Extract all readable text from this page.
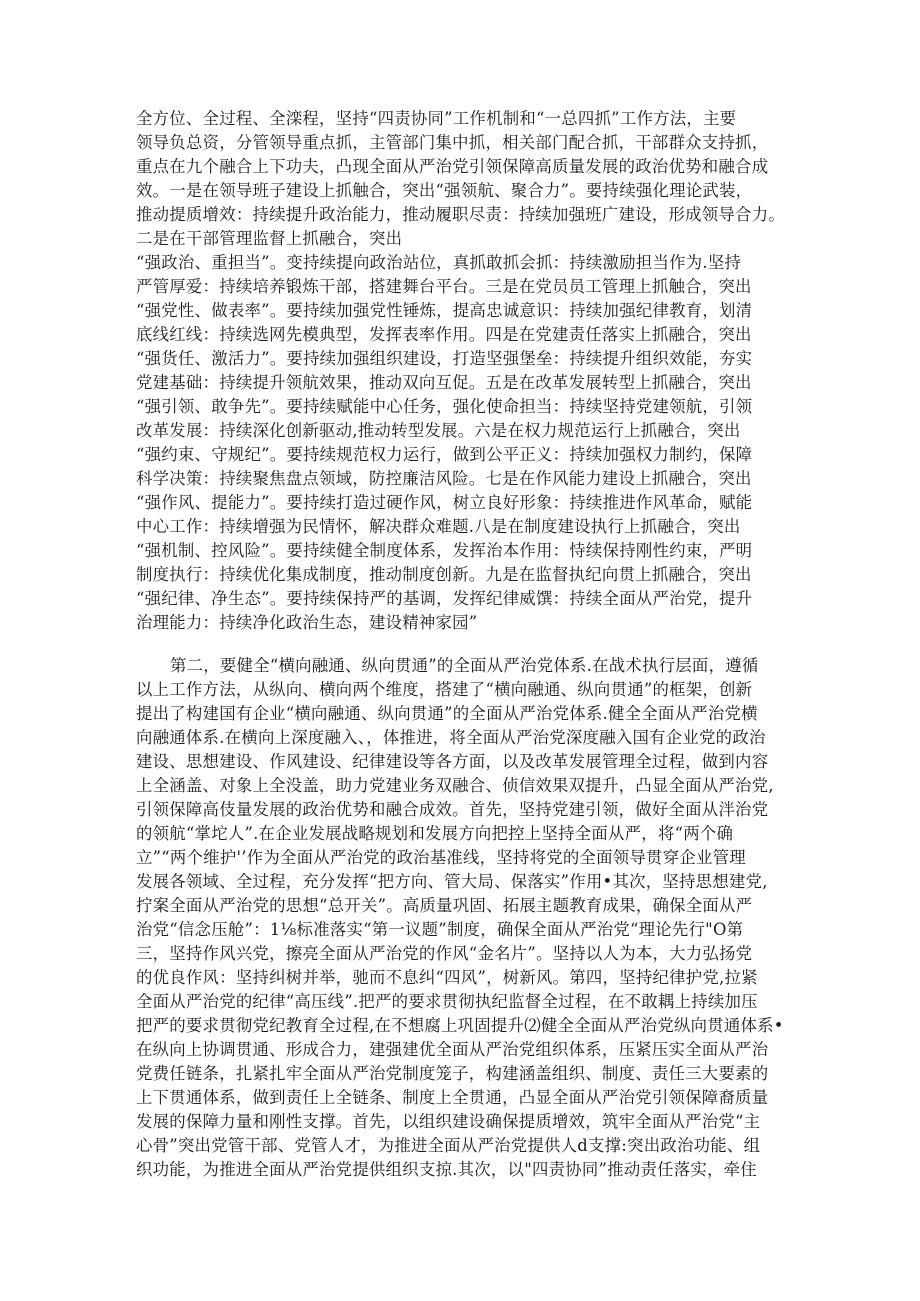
全方位、全过程、全滦程，坚持“四责协同”工作机制和“一总四抓”工作方法，主要
领导负总资，分管领导重点抓，主管部门集中抓，相关部门配合抓，干部群众支持抓，
重点在九个融合上下功夫，凸现全面从严治党引领保障高质量发展的政治优势和融合成
效。一是在领导班子建设上抓触合，突出“强领航、聚合力”。要持续强化理论武装，
推动提质增效：持续提升政治能力，推动履职尽责：持续加强班广建设，形成领导合力。
二是在干部管理监督上抓融合，突出
“强政治、重担当”。变持续提向政治站位，真抓敢抓会抓：持续激励担当作为.坚持
严管厚爱：持续培养锻炼干部，搭建舞台平台。三是在党员员工管理上抓触合，突出
“强党性、做表率”。要持续加强党性锤炼，提高忠诚意识：持续加强纪律教育，划清
底线红线：持续选网先模典型，发挥表率作用。四是在党建责任落实上抓融合，突出
“强货任、激活力”。要持续加强组织建设，打造坚强堡垒：持续提升组织效能，夯实
党建基础：持续提升领航效果，推动双向互促。五是在改革发展转型上抓融合，突出
“强引领、敢争先”。要持续赋能中心任务，强化使命担当：持续坚持党建领航，引领
改革发展：持续深化创新驱动,推动转型发展。六是在权力规范运行上抓融合，突出
“强约束、守规纪”。要持续规范权力运行，做到公平正义：持续加强权力制约，保障
科学决策：持续聚焦盘点领域，防控廉洁风险。七是在作风能力建设上抓融合，突出
“强作风、提能力”。要持续打造过硬作风，树立良好形象：持续推进作风革命，赋能
中心工作：持续增强为民情怀，解决群众难题.八是在制度建设执行上抓融合，突出
“强机制、控风险”。要持续健全制度体系，发挥治本作用：恃续保持刚性约束，严明
制度执行：持续优化集成制度，推动制度创新。九是在监督执纪向贯上抓融合，突出
“强纪律、净生态”。要持续保持严的基调，发挥纪律威馔：持续全面从严治党，提升
治理能力：持续净化政治生态，建设精神家园”
第二，要健全“横向融通、纵向贯通”的全面从严治党体系.在战术执行层面，遵循
以上工作方法，从纵向、横向两个维度，搭建了“横向融通、纵向贯通”的框架，创新
提出了构建国有企业“横向融通、纵向贯通”的全面从严治党体系.健全全面从严治党横
向融通体系.在横向上深度融入、，体推进，将全面从严治党深度融入国有企业党的政治
建设、思想建设、作风建设、纪律建设等各方面，以及改革发展管理全过程，做到内容
上全涵盖、对象上全没盖，助力党建业务双融合、侦信效果双提升，凸显全面从严治党,
引领保障高伎量发展的政治优势和融合成效。首先，坚持党建引领，做好全面从泮治党
的领航“掌坨人”.在企业发展战略规划和发展方向把控上坚持全面从严，将“两个确
立”“两个维护'’作为全面从严治党的政治基准线，坚持将党的全面领导贯穿企业管理
发展各领域、全过程，充分发挥“把方向、管大局、保落实”作用•其次，坚持思想建党,
拧案全面从严治党的思想“总开关”。高质量巩固、拓展主题教育成果，确保全面从严
治党“信念压舱”：1⅛标准落实“第一议题”制度，确保全面从严治党“理论先行"O第
三，坚持作风兴党，擦亮全面从严治党的作风“金名片”。坚持以人为本，大力弘扬党
的优良作风：坚持纠树并举，驰而不息纠“四风”，树新风。第四，坚持纪律护党,拉紧
全面从严治党的纪律“高压线”.把严的要求贯彻执纪监督全过程，在不敢耦上持续加压
把严的要求贯彻党纪教育全过程,在不想腐上巩固提升⑵健全全面从严治党纵向贯通体系•
在纵向上协调贯通、形成合力，建强建优全面从严治党组织体系，压紧压实全面从严治
党费任链条，扎紧扎牢全面从严治党制度笼子，构建涵盖组织、制度、责任三大要素的
上下贯通体系，做到责任上全链条、制度上全贯通，凸显全面从严治党引领保障裔质量
发展的保障力量和刚性支撑。首先，以组织建设确保提质增效，筑牢全面从严治党“主
心骨”突出党管干部、党管人才，为推进全面从严治党提供人d支撑:突出政治功能、组
织功能，为推进全面从严治党提供组织支掠.其次，以"四责协同”推动责任落实，牵住
